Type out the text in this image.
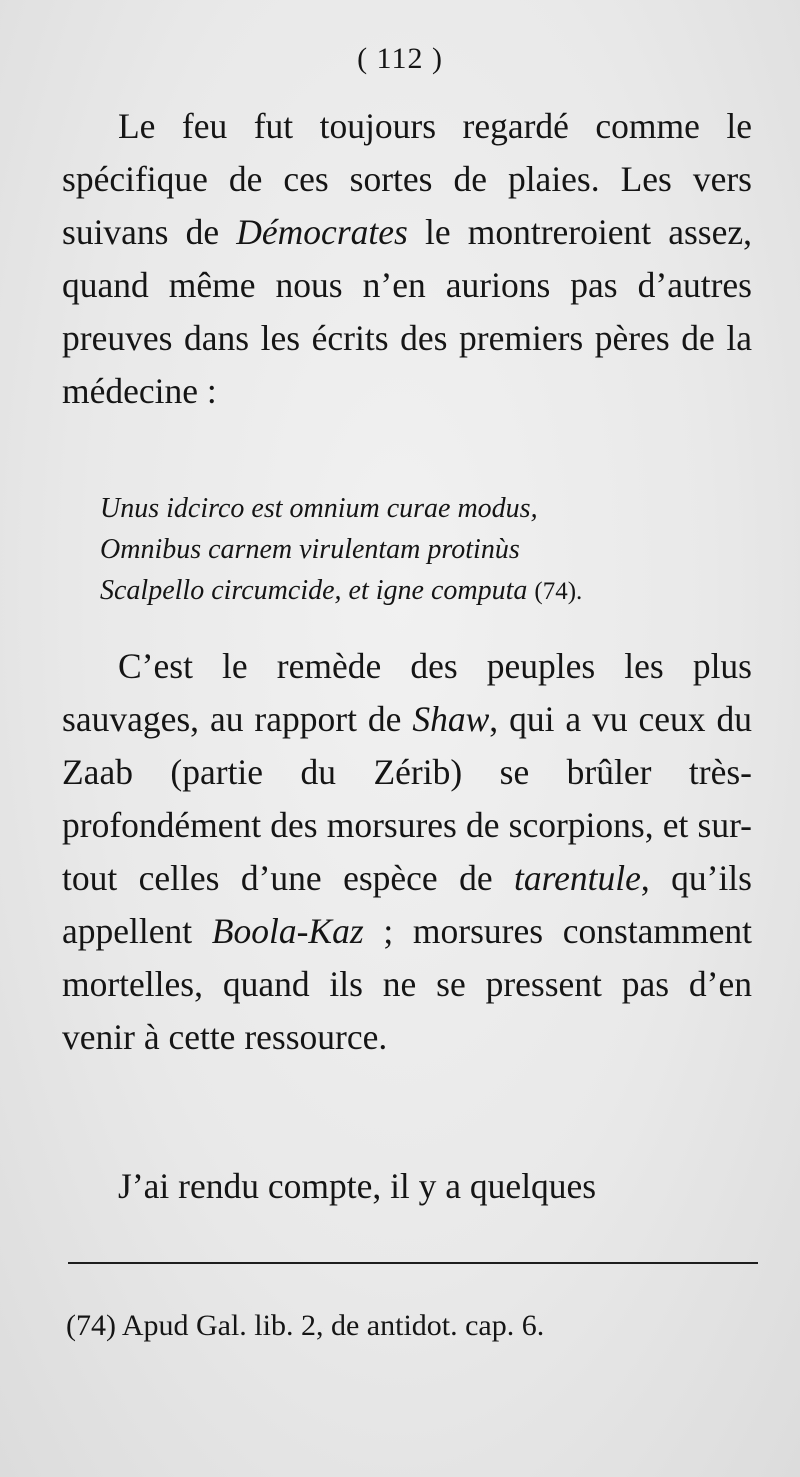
( 112 )

Le feu fut toujours regardé comme le spécifique de ces sortes de plaies. Les vers suivans de Démocrates le montreroient assez, quand même nous n’en aurions pas d’autres preuves dans les écrits des premiers pères de la médecine :

Unus idcirco est omnium curae modus,
Omnibus carnem virulentam protinùs
Scalpello circumcide, et igne computa (74).

C’est le remède des peuples les plus sauvages, au rapport de Shaw, qui a vu ceux du Zaab (partie du Zérib) se brûler très-profondément des morsures de scorpions, et sur-tout celles d’une espèce de tarentule, qu’ils appellent Boola-Kaz ; morsures constamment mortelles, quand ils ne se pressent pas d’en venir à cette ressource.

J’ai rendu compte, il y a quelques

(74) Apud Gal. lib. 2, de antidot. cap. 6.
